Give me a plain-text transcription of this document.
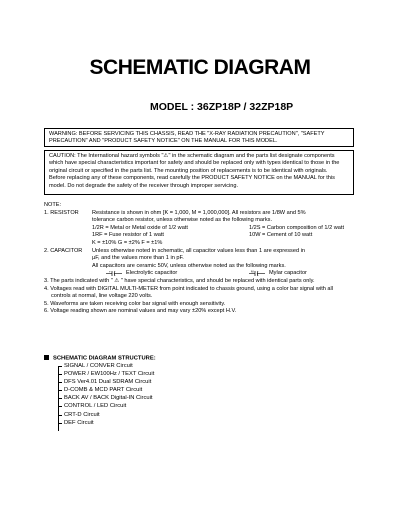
SCHEMATIC DIAGRAM
MODEL : 36ZP18P / 32ZP18P
WARNING: BEFORE SERVICING THIS CHASSIS, READ THE "X-RAY RADIATION PRECAUTION", "SAFETY
PRECAUTION" AND "PRODUCT SAFETY NOTICE" ON THE MANUAL FOR THIS MODEL.
CAUTION: The International hazard symbols "⚠" in the schematic diagram and the parts list designate components
which have special characteristics important for safety and should be replaced only with types identical to those in the
original circuit or specified in the parts list. The mounting position of replacements is to be identical with originals.
Before replacing any of these components, read carefully the PRODUCT SAFETY NOTICE on the MANUAL for this
model. Do not degrade the safety of the receiver through improper servicing.
NOTE:
1. RESISTOR Resistance is shown in ohm [K = 1,000, M = 1,000,000]. All resistors are 1/8W and 5%
tolerance carbon resistor, unless otherwise noted as the following marks.
1/2R = Metal or Metal oxide of 1/2 watt	1/2S = Carbon composition of 1/2 watt
1RF = Fuse resistor of 1 watt	10W = Cement of 10 watt
K = ±10% G = ±2% F = ±1%
2. CAPACITOR Unless otherwise noted in schematic, all capacitor values less than 1 are expressed in
µF, and the values more than 1 in pF.
All capacitors are ceramic 50V, unless otherwise noted as the following marks.
+	Electrolytic capacitor	M	Mylar capacitor
3. The parts indicated with " ⚠ " have special characteristics, and should be replaced with identical parts only.
4. Voltages read with DIGITAL MULTI-METER from point indicated to chassis ground, using a color bar signal with all
controls at normal, line voltage 220 volts.
5. Waveforms are taken receiving color bar signal with enough sensitivity.
6. Voltage reading shown are nominal values and may vary ±20% except H.V.
SCHEMATIC DIAGRAM STRUCTURE:
SIGNAL / CONVER Circuit
POWER / EW100Hz / TEXT Circuit
DFS Ver4.01 Dual SDRAM Circuit
D-COMB & MCD PART Circuit
BACK AV / BACK Digital-IN Circuit
CONTROL / LED Circuit
CRT-D Circuit
DEF Circuit
